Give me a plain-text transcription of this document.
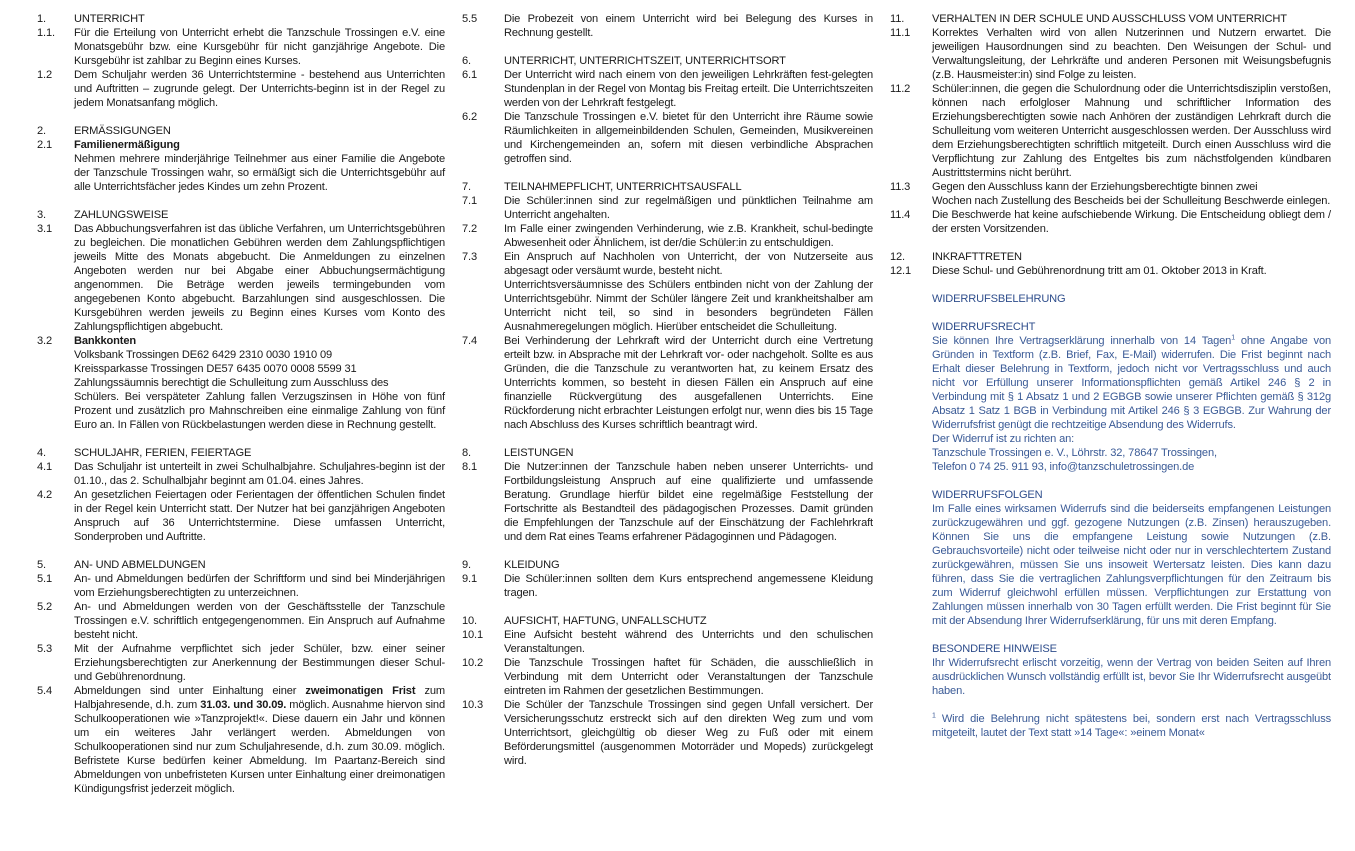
1.	UNTERRICHT
1.1.	Für die Erteilung von Unterricht erhebt die Tanzschule Trossingen e.V. eine Monatsgebühr bzw. eine Kursgebühr für nicht ganzjährige Angebote. Die Kursgebühr ist zahlbar zu Beginn eines Kurses.
1.2	Dem Schuljahr werden 36 Unterrichtstermine - bestehend aus Unterrichten und Auftritten – zugrunde gelegt. Der Unterrichts-beginn ist in der Regel zu jedem Monatsanfang möglich.
2.	ERMÄSSIGUNGEN
2.1	Familienermäßigung
Nehmen mehrere minderjährige Teilnehmer aus einer Familie die Angebote der Tanzschule Trossingen wahr, so ermäßigt sich die Unterrichtsgebühr auf alle Unterrichtsfächer jedes Kindes um zehn Prozent.
3.	ZAHLUNGSWEISE
3.1	Das Abbuchungsverfahren ist das übliche Verfahren, um Unterrichtsgebühren zu begleichen. Die monatlichen Gebühren werden dem Zahlungspflichtigen jeweils Mitte des Monats abgebucht. Die Anmeldungen zu einzelnen Angeboten werden nur bei Abgabe einer Abbuchungsermächtigung angenommen. Die Beträge werden jeweils termingebunden vom angegebenen Konto abgebucht. Barzahlungen sind ausgeschlossen. Die Kursgebühren werden jeweils zu Beginn eines Kurses vom Konto des Zahlungspflichtigen abgebucht.
3.2	Bankkonten
Volksbank Trossingen DE62 6429 2310 0030 1910 09
Kreissparkasse Trossingen DE57 6435 0070 0008 5599 31
Zahlungssäumnis berechtigt die Schulleitung zum Ausschluss des
Schülers. Bei verspäteter Zahlung fallen Verzugszinsen in Höhe von fünf Prozent und zusätzlich pro Mahnschreiben eine einmalige Zahlung von fünf Euro an. In Fällen von Rückbelastungen werden diese in Rechnung gestellt.
4.	SCHULJAHR, FERIEN, FEIERTAGE
4.1	Das Schuljahr ist unterteilt in zwei Schulhalbjahre. Schuljahres-beginn ist der 01.10., das 2. Schulhalbjahr beginnt am 01.04. eines Jahres.
4.2	An gesetzlichen Feiertagen oder Ferientagen der öffentlichen Schulen findet in der Regel kein Unterricht statt. Der Nutzer hat bei ganzjährigen Angeboten Anspruch auf 36 Unterrichtstermine. Diese umfassen Unterricht, Sonderproben und Auftritte.
5.	AN- UND ABMELDUNGEN
5.1	An- und Abmeldungen bedürfen der Schriftform und sind bei Minderjährigen vom Erziehungsberechtigten zu unterzeichnen.
5.2	An- und Abmeldungen werden von der Geschäftsstelle der Tanzschule Trossingen e.V. schriftlich entgegengenommen. Ein Anspruch auf Aufnahme besteht nicht.
5.3	Mit der Aufnahme verpflichtet sich jeder Schüler, bzw. einer seiner Erziehungsberechtigten zur Anerkennung der Bestimmungen dieser Schul- und Gebührenordnung.
5.4	Abmeldungen sind unter Einhaltung einer zweimonatigen Frist zum Halbjahresende, d.h. zum 31.03. und 30.09. möglich. Ausnahme hiervon sind Schulkooperationen wie »Tanzprojekt!«. Diese dauern ein Jahr und können um ein weiteres Jahr verlängert werden. Abmeldungen von Schulkooperationen sind nur zum Schuljahresende, d.h. zum 30.09. möglich. Befristete Kurse bedürfen keiner Abmeldung. Im Paartanz-Bereich sind Abmeldungen von unbefristeten Kursen unter Einhaltung einer dreimonatigen Kündigungsfrist jederzeit möglich.
5.5	Die Probezeit von einem Unterricht wird bei Belegung des Kurses in Rechnung gestellt.
6.	UNTERRICHT, UNTERRICHTSZEIT, UNTERRICHTSORT
6.1	Der Unterricht wird nach einem von den jeweiligen Lehrkräften fest-gelegten Stundenplan in der Regel von Montag bis Freitag erteilt. Die Unterrichtszeiten werden von der Lehrkraft festgelegt.
6.2	Die Tanzschule Trossingen e.V. bietet für den Unterricht ihre Räume sowie Räumlichkeiten in allgemeinbildenden Schulen, Gemeinden, Musikvereinen und Kirchengemeinden an, sofern mit diesen verbindliche Absprachen getroffen sind.
7.	TEILNAHMEPFLICHT, UNTERRICHTSAUSFALL
7.1	Die Schüler:innen sind zur regelmäßigen und pünktlichen Teilnahme am Unterricht angehalten.
7.2	Im Falle einer zwingenden Verhinderung, wie z.B. Krankheit, schul-bedingte Abwesenheit oder Ähnlichem, ist der/die Schüler:in zu entschuldigen.
7.3	Ein Anspruch auf Nachholen von Unterricht, der von Nutzerseite aus abgesagt oder versäumt wurde, besteht nicht.
Unterrichtsversäumnisse des Schülers entbinden nicht von der Zahlung der Unterrichtsgebühr. Nimmt der Schüler längere Zeit und krankheitshalber am Unterricht nicht teil, so sind in besonders begründeten Fällen Ausnahmeregelungen möglich. Hierüber entscheidet die Schulleitung.
7.4	Bei Verhinderung der Lehrkraft wird der Unterricht durch eine Vertretung erteilt bzw. in Absprache mit der Lehrkraft vor- oder nachgeholt. Sollte es aus Gründen, die die Tanzschule zu verantworten hat, zu keinem Ersatz des Unterrichts kommen, so besteht in diesen Fällen ein Anspruch auf eine finanzielle Rückvergütung des ausgefallenen Unterrichts. Eine Rückforderung nicht erbrachter Leistungen erfolgt nur, wenn dies bis 15 Tage nach Abschluss des Kurses schriftlich beantragt wird.
8.	LEISTUNGEN
8.1	Die Nutzer:innen der Tanzschule haben neben unserer Unterrichts- und Fortbildungsleistung Anspruch auf eine qualifizierte und umfassende Beratung. Grundlage hierfür bildet eine regelmäßige Feststellung der Fortschritte als Bestandteil des pädagogischen Prozesses. Damit gründen die Empfehlungen der Tanzschule auf der Einschätzung der Fachlehrkraft und dem Rat eines Teams erfahrener Pädagoginnen und Pädagogen.
9.	KLEIDUNG
9.1	Die Schüler:innen sollten dem Kurs entsprechend angemessene Kleidung tragen.
10.	AUFSICHT, HAFTUNG, UNFALLSCHUTZ
10.1	Eine Aufsicht besteht während des Unterrichts und den schulischen Veranstaltungen.
10.2	Die Tanzschule Trossingen haftet für Schäden, die ausschließlich in Verbindung mit dem Unterricht oder Veranstaltungen der Tanzschule eintreten im Rahmen der gesetzlichen Bestimmungen.
10.3	Die Schüler der Tanzschule Trossingen sind gegen Unfall versichert. Der Versicherungsschutz erstreckt sich auf den direkten Weg zum und vom Unterrichtsort, gleichgültig ob dieser Weg zu Fuß oder mit einem Beförderungsmittel (ausgenommen Motorräder und Mopeds) zurückgelegt wird.
11.	VERHALTEN IN DER SCHULE UND AUSSCHLUSS VOM UNTERRICHT
11.1	Korrektes Verhalten wird von allen Nutzerinnen und Nutzern erwartet. Die jeweiligen Hausordnungen sind zu beachten. Den Weisungen der Schul- und Verwaltungsleitung, der Lehrkräfte und anderen Personen mit Weisungsbefugnis (z.B. Hausmeister:in) sind Folge zu leisten.
11.2	Schüler:innen, die gegen die Schulordnung oder die Unterrichtsdisziplin verstoßen, können nach erfolgloser Mahnung und schriftlicher Information des Erziehungsberechtigten sowie nach Anhören der zuständigen Lehrkraft durch die Schulleitung vom weiteren Unterricht ausgeschlossen werden. Der Ausschluss wird dem Erziehungsberechtigten schriftlich mitgeteilt. Durch einen Ausschluss wird die Verpflichtung zur Zahlung des Entgeltes bis zum nächstfolgenden kündbaren Austrittstermins nicht berührt.
11.3	Gegen den Ausschluss kann der Erziehungsberechtigte binnen zwei
Wochen nach Zustellung des Bescheids bei der Schulleitung Beschwerde einlegen.
11.4	Die Beschwerde hat keine aufschiebende Wirkung. Die Entscheidung obliegt dem / der ersten Vorsitzenden.
12.	INKRAFTTRETEN
12.1	Diese Schul- und Gebührenordnung tritt am 01. Oktober 2013 in Kraft.
WIDERRUFSBELEHRUNG
WIDERRUFSRECHT

Sie können Ihre Vertragserklärung innerhalb von 14 Tagen$^1$ ohne Angabe von Gründen in Textform (z.B. Brief, Fax, E-Mail) widerrufen. Die Frist beginnt nach Erhalt dieser Belehrung in Textform, jedoch nicht vor Vertragsschluss und auch nicht vor Erfüllung unserer Informationspflichten gemäß Artikel 246 § 2 in Verbindung mit § 1 Absatz 1 und 2 EGBGB sowie unserer Pflichten gemäß § 312g Absatz 1 Satz 1 BGB in Verbindung mit Artikel 246 § 3 EGBGB. Zur Wahrung der Widerrufsfrist genügt die rechtzeitige Absendung des Widerrufs.

Der Widerruf ist zu richten an:

Tanzschule Trossingen e. V., Löhrstr. 32, 78647 Trossingen,

Telefon 0 74 25. 911 93, info@tanzschuletrossingen.de

WIDERRUFSFOLGEN

Im Falle eines wirksamen Widerrufs sind die beiderseits empfangenen Leistungen zurückzugewähren und ggf. gezogene Nutzungen (z.B. Zinsen) herauszugeben. Können Sie uns die empfangene Leistung sowie Nutzungen (z.B. Gebrauchsvorteile) nicht oder teilweise nicht oder nur in verschlechtertem Zustand zurückgewähren, müssen Sie uns insoweit Wertersatz leisten. Dies kann dazu führen, dass Sie die vertraglichen Zahlungsverpflichtungen für den Zeitraum bis zum Widerruf gleichwohl erfüllen müssen. Verpflichtungen zur Erstattung von Zahlungen müssen innerhalb von 30 Tagen erfüllt werden. Die Frist beginnt für Sie mit der Absendung Ihrer Widerrufserklärung, für uns mit deren Empfang.

BESONDERE HINWEISE

Ihr Widerrufsrecht erlischt vorzeitig, wenn der Vertrag von beiden Seiten auf Ihren ausdrücklichen Wunsch vollständig erfüllt ist, bevor Sie Ihr Widerrufsrecht ausgeübt haben.

$^1$ Wird die Belehrung nicht spätestens bei, sondern erst nach Vertragsschluss mitgeteilt, lautet der Text statt »14 Tage«: »einem Monat«
